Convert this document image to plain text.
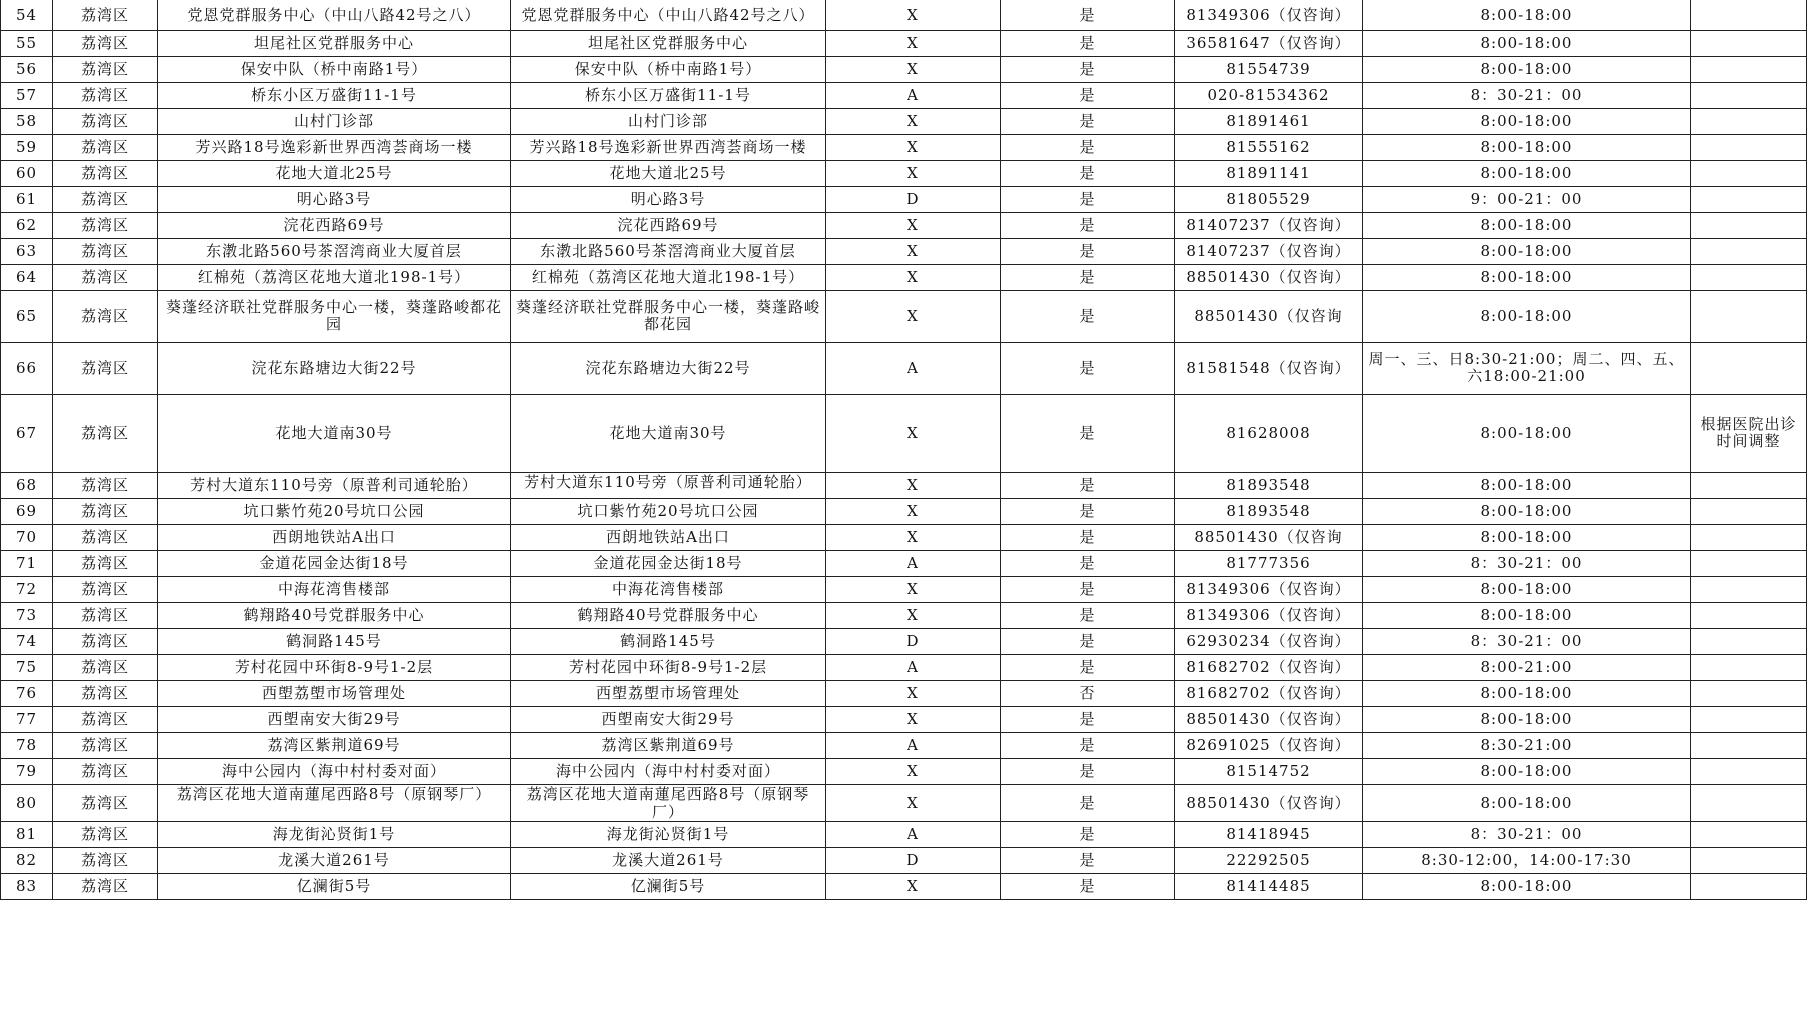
54	荔湾区	党恩党群服务中心（中山八路42号之八）	党恩党群服务中心（中山八路42号之八）	X	是	81349306（仅咨询）	8:00-18:00	
55	荔湾区	坦尾社区党群服务中心	坦尾社区党群服务中心	X	是	36581647（仅咨询）	8:00-18:00	
56	荔湾区	保安中队（桥中南路1号）	保安中队（桥中南路1号）	X	是	81554739	8:00-18:00	
57	荔湾区	桥东小区万盛街11-1号	桥东小区万盛街11-1号	A	是	020-81534362	8：30-21：00	
58	荔湾区	山村门诊部	山村门诊部	X	是	81891461	8:00-18:00	
59	荔湾区	芳兴路18号逸彩新世界西湾荟商场一楼	芳兴路18号逸彩新世界西湾荟商场一楼	X	是	81555162	8:00-18:00	
60	荔湾区	花地大道北25号	花地大道北25号	X	是	81891141	8:00-18:00	
61	荔湾区	明心路3号	明心路3号	D	是	81805529	9：00-21：00	
62	荔湾区	浣花西路69号	浣花西路69号	X	是	81407237（仅咨询）	8:00-18:00	
63	荔湾区	东漖北路560号茶滘湾商业大厦首层	东漖北路560号茶滘湾商业大厦首层	X	是	81407237（仅咨询）	8:00-18:00	
64	荔湾区	红棉苑（荔湾区花地大道北198-1号）	红棉苑（荔湾区花地大道北198-1号）	X	是	88501430（仅咨询）	8:00-18:00	
65	荔湾区	葵蓬经济联社党群服务中心一楼，葵蓬路峻都花园	葵蓬经济联社党群服务中心一楼，葵蓬路峻都花园	X	是	88501430（仅咨询	8:00-18:00	
66	荔湾区	浣花东路塘边大街22号	浣花东路塘边大街22号	A	是	81581548（仅咨询）	周一、三、日8:30-21:00；周二、四、五、六18:00-21:00	
67	荔湾区	花地大道南30号	花地大道南30号	X	是	81628008	8:00-18:00	根据医院出诊时间调整
68	荔湾区	芳村大道东110号旁（原普利司通轮胎）	芳村大道东110号旁（原普利司通轮胎）	X	是	81893548	8:00-18:00	
69	荔湾区	坑口紫竹苑20号坑口公园	坑口紫竹苑20号坑口公园	X	是	81893548	8:00-18:00	
70	荔湾区	西朗地铁站A出口	西朗地铁站A出口	X	是	88501430（仅咨询	8:00-18:00	
71	荔湾区	金道花园金达街18号	金道花园金达街18号	A	是	81777356	8：30-21：00	
72	荔湾区	中海花湾售楼部	中海花湾售楼部	X	是	81349306（仅咨询）	8:00-18:00	
73	荔湾区	鹤翔路40号党群服务中心	鹤翔路40号党群服务中心	X	是	81349306（仅咨询）	8:00-18:00	
74	荔湾区	鹤洞路145号	鹤洞路145号	D	是	62930234（仅咨询）	8：30-21：00	
75	荔湾区	芳村花园中环街8-9号1-2层	芳村花园中环街8-9号1-2层	A	是	81682702（仅咨询）	8:00-21:00	
76	荔湾区	西塱荔塱市场管理处	西塱荔塱市场管理处	X	否	81682702（仅咨询）	8:00-18:00	
77	荔湾区	西塱南安大街29号	西塱南安大街29号	X	是	88501430（仅咨询）	8:00-18:00	
78	荔湾区	荔湾区紫荆道69号	荔湾区紫荆道69号	A	是	82691025（仅咨询）	8:30-21:00	
79	荔湾区	海中公园内（海中村村委对面）	海中公园内（海中村村委对面）	X	是	81514752	8:00-18:00	
80	荔湾区	荔湾区花地大道南蓮尾西路8号（原钢琴厂）	荔湾区花地大道南蓮尾西路8号（原钢琴厂）	X	是	88501430（仅咨询）	8:00-18:00	
81	荔湾区	海龙街沁贤街1号	海龙街沁贤街1号	A	是	81418945	8：30-21：00	
82	荔湾区	龙溪大道261号	龙溪大道261号	D	是	22292505	8:30-12:00，14:00-17:30	
83	荔湾区	亿澜街5号	亿澜街5号	X	是	81414485	8:00-18:00	
